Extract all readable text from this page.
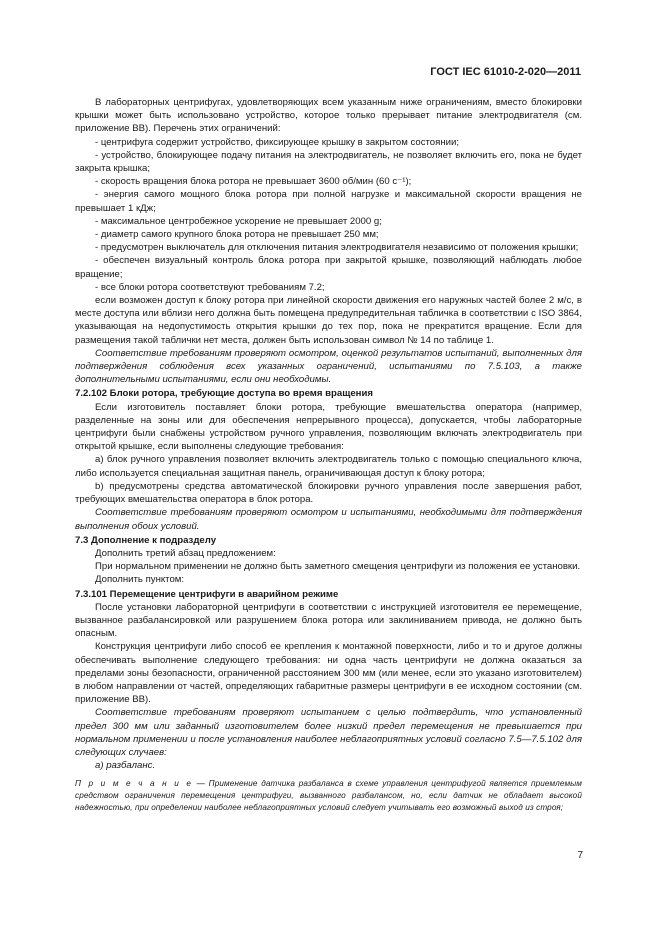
ГОСТ IEC 61010-2-020—2011

В лабораторных центрифугах, удовлетворяющих всем указанным ниже ограничениям, вместо блокировки крышки может быть использовано устройство, которое только прерывает питание электродвигателя (см. приложение BB). Перечень этих ограничений:

- центрифуга содержит устройство, фиксирующее крышку в закрытом состоянии;

- устройство, блокирующее подачу питания на электродвигатель, не позволяет включить его, пока не будет закрыта крышка;

- скорость вращения блока ротора не превышает 3600 об/мин (60 с⁻¹);

- энергия самого мощного блока ротора при полной нагрузке и максимальной скорости вращения не превышает 1 кДж;

- максимальное центробежное ускорение не превышает 2000 g;

- диаметр самого крупного блока ротора не превышает 250 мм;

- предусмотрен выключатель для отключения питания электродвигателя независимо от положения крышки;

- обеспечен визуальный контроль блока ротора при закрытой крышке, позволяющий наблюдать любое вращение;

- все блоки ротора соответствуют требованиям 7.2;

если возможен доступ к блоку ротора при линейной скорости движения его наружных частей более 2 м/с, в месте доступа или вблизи него должна быть помещена предупредительная табличка в соответствии с ISO 3864, указывающая на недопустимость открытия крышки до тех пор, пока не прекратится вращение. Если для размещения такой таблички нет места, должен быть использован символ № 14 по таблице 1.

Соответствие требованиям проверяют осмотром, оценкой результатов испытаний, выполненных для подтверждения соблюдения всех указанных ограничений, испытаниями по 7.5.103, а также дополнительными испытаниями, если они необходимы.

7.2.102 Блоки ротора, требующие доступа во время вращения

Если изготовитель поставляет блоки ротора, требующие вмешательства оператора (например, разделенные на зоны или для обеспечения непрерывного процесса), допускается, чтобы лабораторные центрифуги были снабжены устройством ручного управления, позволяющим включать электродвигатель при открытой крышке, если выполнены следующие требования:

а) блок ручного управления позволяет включить электродвигатель только с помощью специального ключа, либо используется специальная защитная панель, ограничивающая доступ к блоку ротора;

b) предусмотрены средства автоматической блокировки ручного управления после завершения работ, требующих вмешательства оператора в блок ротора.

Соответствие требованиям проверяют осмотром и испытаниями, необходимыми для подтверждения выполнения обоих условий.

7.3 Дополнение к подразделу

Дополнить третий абзац предложением:

При нормальном применении не должно быть заметного смещения центрифуги из положения ее установки.

Дополнить пунктом:

7.3.101 Перемещение центрифуги в аварийном режиме

После установки лабораторной центрифуги в соответствии с инструкцией изготовителя ее перемещение, вызванное разбалансировкой или разрушением блока ротора или заклиниванием привода, не должно быть опасным.

Конструкция центрифуги либо способ ее крепления к монтажной поверхности, либо и то и другое должны обеспечивать выполнение следующего требования: ни одна часть центрифуги не должна оказаться за пределами зоны безопасности, ограниченной расстоянием 300 мм (или менее, если это указано изготовителем) в любом направлении от частей, определяющих габаритные размеры центрифуги в ее исходном состоянии (см. приложение BB).

Соответствие требованиям проверяют испытанием с целью подтвердить, что установленный предел 300 мм или заданный изготовителем более низкий предел перемещения не превышается при нормальном применении и после установления наиболее неблагоприятных условий согласно 7.5—7.5.102 для следующих случаев:

а) разбаланс.

П р и м е ч а н и е — Применение датчика разбаланса в схеме управления центрифугой является приемлемым средством ограничения перемещения центрифуги, вызванного разбалансом, но, если датчик не обладает высокой надежностью, при определении наиболее неблагоприятных условий следует учитывать его возможный выход из строя;

7
